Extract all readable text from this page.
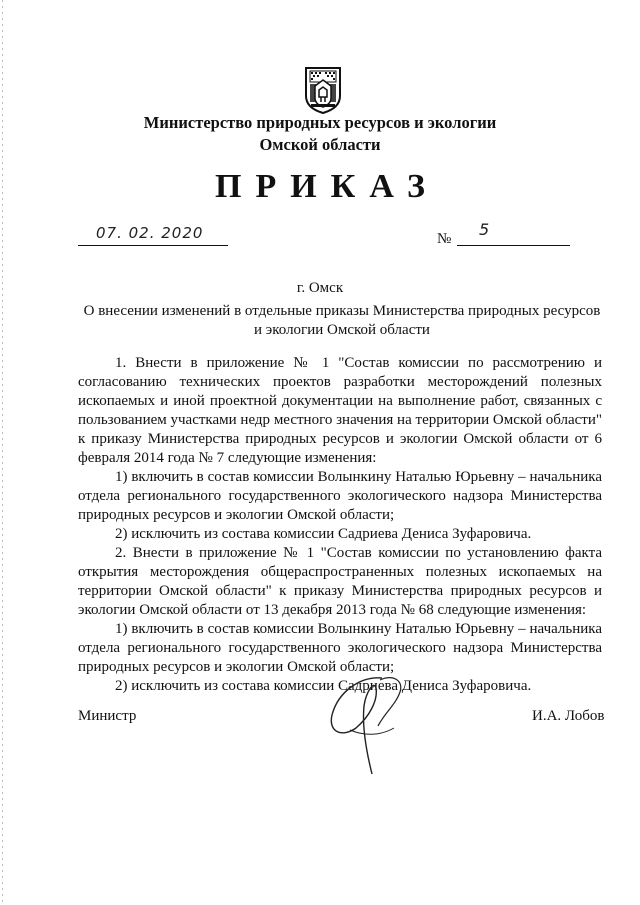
Министерство природных ресурсов и экологии
Омской области
ПРИКАЗ
07. 02. 2020	№ 5
г. Омск
О внесении изменений в отдельные приказы Министерства природных ресурсов и экологии Омской области

1. Внести в приложение № 1 "Состав комиссии по рассмотрению и согласованию технических проектов разработки месторождений полезных ископаемых и иной проектной документации на выполнение работ, связанных с пользованием участками недр местного значения на территории Омской области" к приказу Министерства природных ресурсов и экологии Омской области от 6 февраля 2014 года № 7 следующие изменения:

1) включить в состав комиссии Волынкину Наталью Юрьевну – начальника отдела регионального государственного экологического надзора Министерства природных ресурсов и экологии Омской области;

2) исключить из состава комиссии Садриева Дениса Зуфаровича.

2. Внести в приложение № 1 "Состав комиссии по установлению факта открытия месторождения общераспространенных полезных ископаемых на территории Омской области" к приказу Министерства природных ресурсов и экологии Омской области от 13 декабря 2013 года № 68 следующие изменения:

1) включить в состав комиссии Волынкину Наталью Юрьевну – начальника отдела регионального государственного экологического надзора Министерства природных ресурсов и экологии Омской области;

2) исключить из состава комиссии Садриева Дениса Зуфаровича.

Министр	И.А. Лобов
